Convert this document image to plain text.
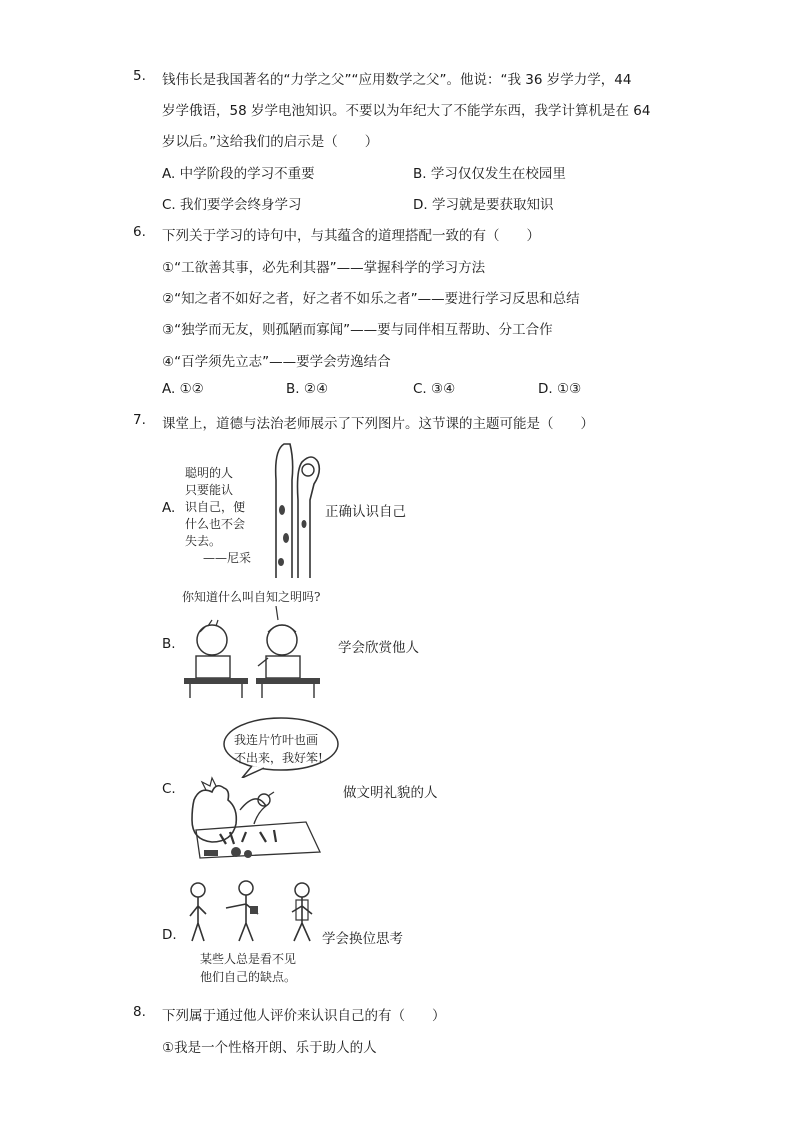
5. 钱伟长是我国著名的“力学之父”“应用数学之父”。他说：“我 36 岁学力学，44
岁学俄语，58 岁学电池知识。不要以为年纪大了不能学东西，我学计算机是在 64
岁以后。”这给我们的启示是（　　）
A. 中学阶段的学习不重要	B. 学习仅仅发生在校园里
C. 我们要学会终身学习	D. 学习就是要获取知识
6. 下列关于学习的诗句中，与其蕴含的道理搭配一致的有（　　）
①“工欲善其事，必先利其器”——掌握科学的学习方法
②“知之者不如好之者，好之者不如乐之者”——要进行学习反思和总结
③“独学而无友，则孤陋而寡闻”——要与同伴相互帮助、分工合作
④“百学须先立志”——要学会劳逸结合
A. ①②	B. ②④	C. ③④	D. ①③
7. 课堂上，道德与法治老师展示了下列图片。这节课的主题可能是（　　）
A.
聪明的人
只要能认
识自己，便
什么也不会
失去。
——尼采
正确认识自己
你知道什么叫自知之明吗?
B.	学会欣赏他人
我连片竹叶也画
不出来，我好笨!
C.	做文明礼貌的人
D.
某些人总是看不见
他们自己的缺点。
学会换位思考
8. 下列属于通过他人评价来认识自己的有（　　）
①我是一个性格开朗、乐于助人的人
